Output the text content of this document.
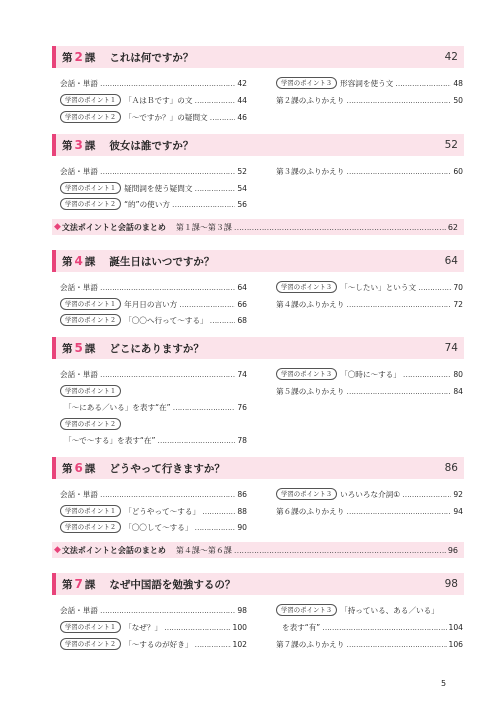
第 2 課 これは何ですか？	42
会話・単語 …………………………………………………………………………………………………………………………	42
学習のポイント１	「ＡはＢです」の文 …………………………………………………………………………………………………………………………	44
学習のポイント２	「〜ですか？」の疑問文 …………………………………………………………………………………………………………………………	46
学習のポイント３	形容詞を使う文 …………………………………………………………………………………………………………………………	48
第２課のふりかえり …………………………………………………………………………………………………………………………	50
第 3 課 彼女は誰ですか？	52
会話・単語 …………………………………………………………………………………………………………………………	52
学習のポイント１	疑問詞を使う疑問文 …………………………………………………………………………………………………………………………	54
学習のポイント２	“的”の使い方 …………………………………………………………………………………………………………………………	56
第３課のふりかえり …………………………………………………………………………………………………………………………	60
◆ 文法ポイントと会話のまとめ 第１課〜第３課 ………………………………………………………………………………………………………………………………………	62
第 4 課 誕生日はいつですか？	64
会話・単語 …………………………………………………………………………………………………………………………	64
学習のポイント１	年月日の言い方 …………………………………………………………………………………………………………………………	66
学習のポイント２	「〇〇へ行って〜する」 …………………………………………………………………………………………………………………………	68
学習のポイント３	「〜したい」という文 …………………………………………………………………………………………………………………………	70
第４課のふりかえり …………………………………………………………………………………………………………………………	72
第 5 課 どこにありますか？	74
会話・単語 …………………………………………………………………………………………………………………………	74
学習のポイント１
「〜にある／いる」を表す“在” …………………………………………………………………………………………………………………………	76
学習のポイント２
「〜で〜する」を表す“在” …………………………………………………………………………………………………………………………	78
学習のポイント３	「〇時に〜する」 …………………………………………………………………………………………………………………………	80
第５課のふりかえり …………………………………………………………………………………………………………………………	84
第 6 課 どうやって行きますか？	86
会話・単語 …………………………………………………………………………………………………………………………	86
学習のポイント１	「どうやって〜する」 …………………………………………………………………………………………………………………………	88
学習のポイント２	「〇〇して〜する」 …………………………………………………………………………………………………………………………	90
学習のポイント３	いろいろな介詞① …………………………………………………………………………………………………………………………	92
第６課のふりかえり …………………………………………………………………………………………………………………………	94
◆ 文法ポイントと会話のまとめ 第４課〜第６課 ………………………………………………………………………………………………………………………………………	96
第 7 課 なぜ中国語を勉強するの？	98
会話・単語 …………………………………………………………………………………………………………………………	98
学習のポイント１	「なぜ？」 …………………………………………………………………………………………………………………………	100
学習のポイント２	「〜するのが好き」 …………………………………………………………………………………………………………………………	102
学習のポイント３	「持っている、ある／いる」
を表す“有” …………………………………………………………………………………………………………………………	104
第７課のふりかえり …………………………………………………………………………………………………………………………	106
5
